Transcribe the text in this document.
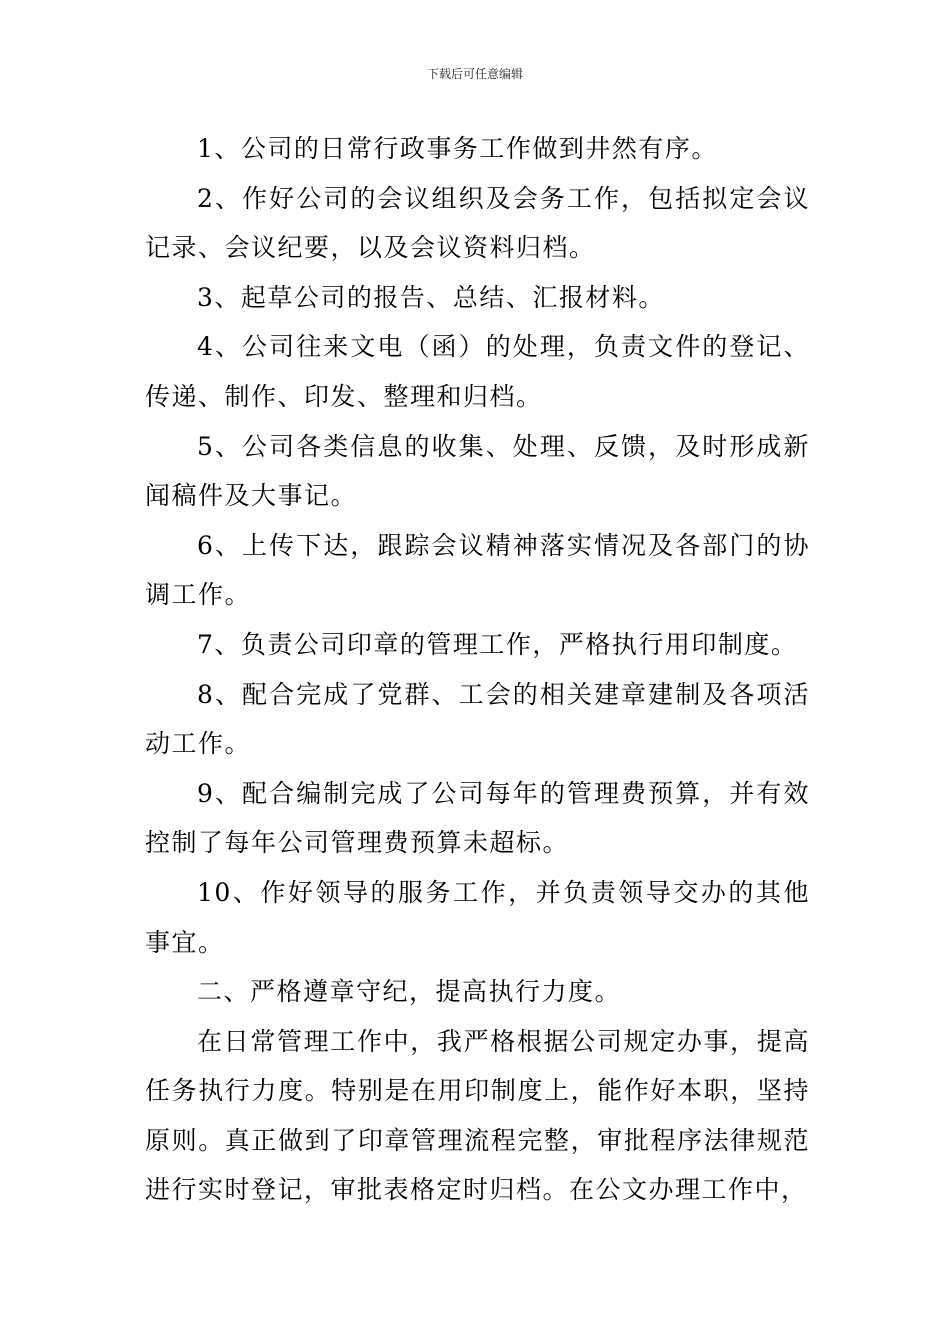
下载后可任意编辑

1、公司的日常行政事务工作做到井然有序。

2、作好公司的会议组织及会务工作，包括拟定会议记录、会议纪要，以及会议资料归档。

3、起草公司的报告、总结、汇报材料。

4、公司往来文电（函）的处理，负责文件的登记、传递、制作、印发、整理和归档。

5、公司各类信息的收集、处理、反馈，及时形成新闻稿件及大事记。

6、上传下达，跟踪会议精神落实情况及各部门的协调工作。

7、负责公司印章的管理工作，严格执行用印制度。

8、配合完成了党群、工会的相关建章建制及各项活动工作。

9、配合编制完成了公司每年的管理费预算，并有效控制了每年公司管理费预算未超标。

10、作好领导的服务工作，并负责领导交办的其他事宜。

二、严格遵章守纪，提高执行力度。

在日常管理工作中，我严格根据公司规定办事，提高任务执行力度。特别是在用印制度上，能作好本职，坚持原则。真正做到了印章管理流程完整，审批程序法律规范进行实时登记，审批表格定时归档。在公文办理工作中，
